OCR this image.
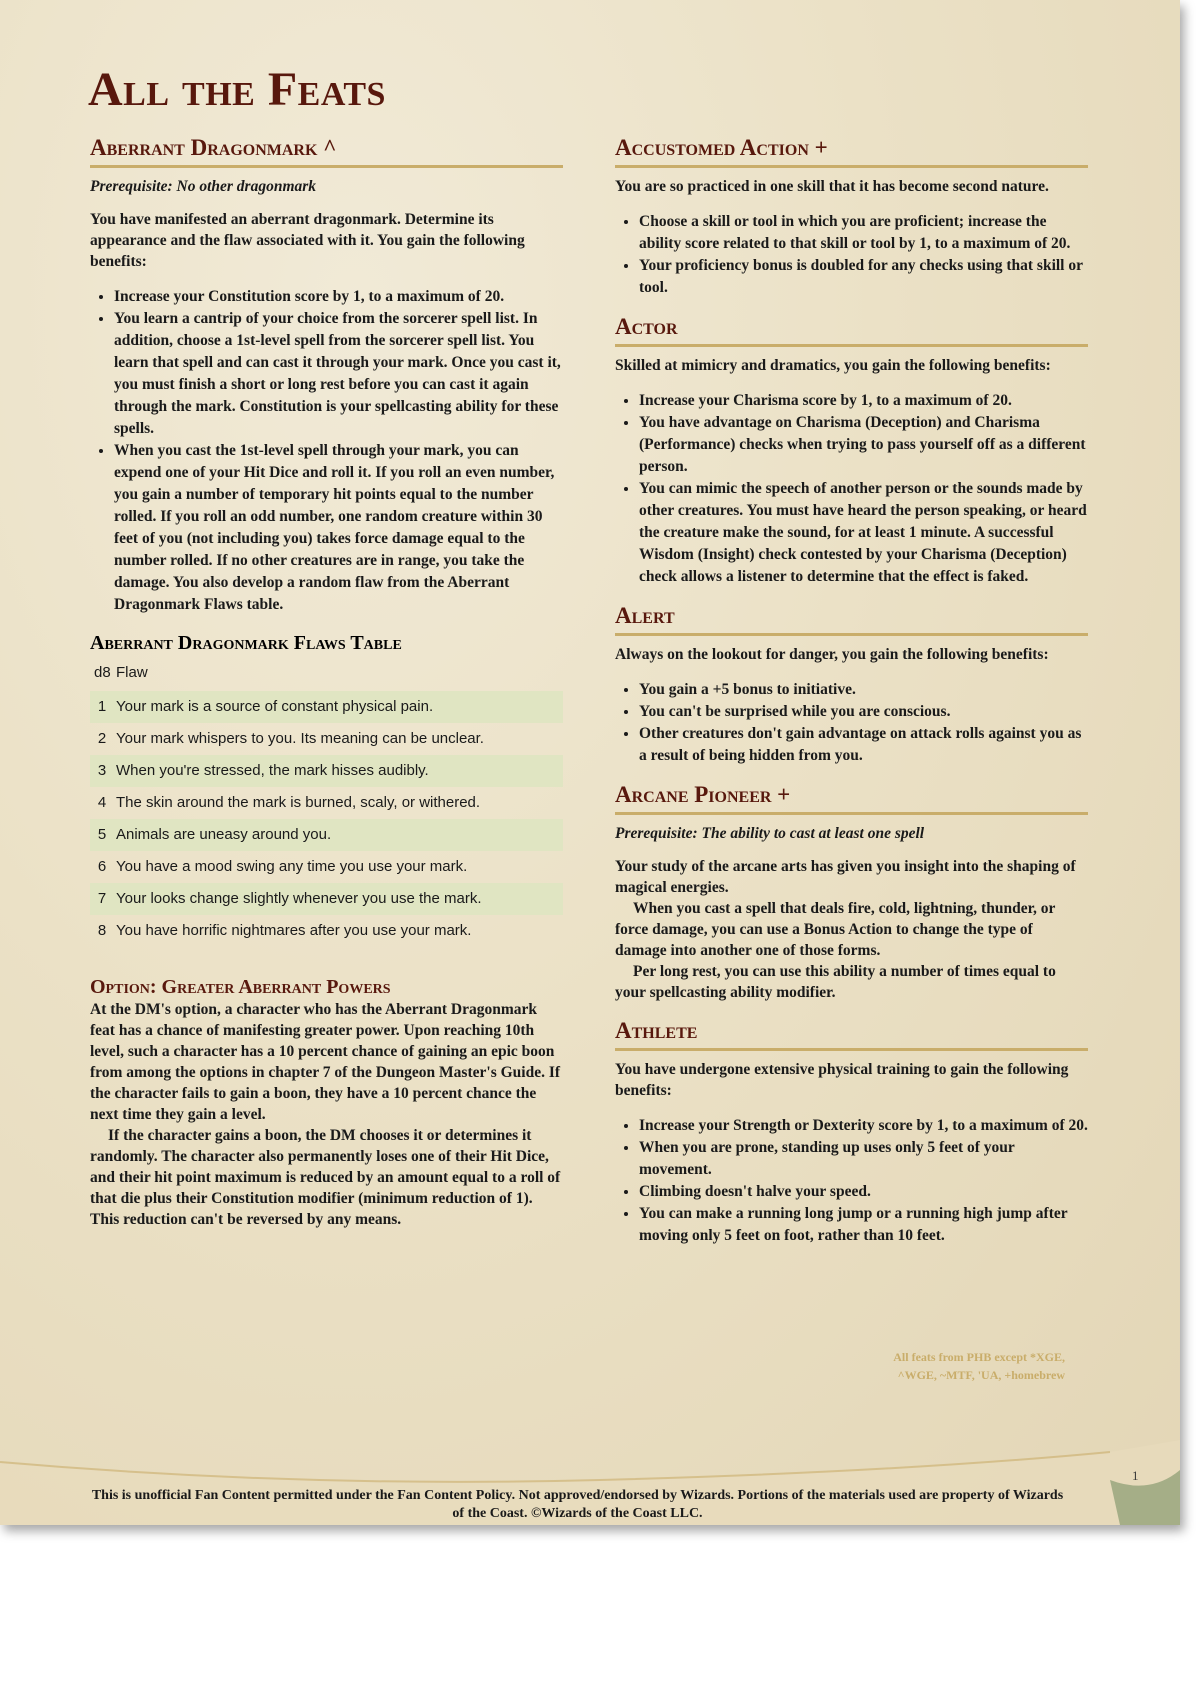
All the Feats
Aberrant Dragonmark ^

Prerequisite: No other dragonmark

You have manifested an aberrant dragonmark. Determine its appearance and the flaw associated with it. You gain the following benefits:

• Increase your Constitution score by 1, to a maximum of 20.
• You learn a cantrip of your choice from the sorcerer spell list. In addition, choose a 1st-level spell from the sorcerer spell list. You learn that spell and can cast it through your mark. Once you cast it, you must finish a short or long rest before you can cast it again through the mark. Constitution is your spellcasting ability for these spells.
• When you cast the 1st-level spell through your mark, you can expend one of your Hit Dice and roll it. If you roll an even number, you gain a number of temporary hit points equal to the number rolled. If you roll an odd number, one random creature within 30 feet of you (not including you) takes force damage equal to the number rolled. If no other creatures are in range, you take the damage. You also develop a random flaw from the Aberrant Dragonmark Flaws table.
Aberrant Dragonmark Flaws Table
d8	Flaw
1	Your mark is a source of constant physical pain.
2	Your mark whispers to you. Its meaning can be unclear.
3	When you're stressed, the mark hisses audibly.
4	The skin around the mark is burned, scaly, or withered.
5	Animals are uneasy around you.
6	You have a mood swing any time you use your mark.
7	Your looks change slightly whenever you use the mark.
8	You have horrific nightmares after you use your mark.
Option: Greater Aberrant Powers

At the DM's option, a character who has the Aberrant Dragonmark feat has a chance of manifesting greater power. Upon reaching 10th level, such a character has a 10 percent chance of gaining an epic boon from among the options in chapter 7 of the Dungeon Master's Guide. If the character fails to gain a boon, they have a 10 percent chance the next time they gain a level.

If the character gains a boon, the DM chooses it or determines it randomly. The character also permanently loses one of their Hit Dice, and their hit point maximum is reduced by an amount equal to a roll of that die plus their Constitution modifier (minimum reduction of 1). This reduction can't be reversed by any means.

Accustomed Action +

You are so practiced in one skill that it has become second nature.

• Choose a skill or tool in which you are proficient; increase the ability score related to that skill or tool by 1, to a maximum of 20.
• Your proficiency bonus is doubled for any checks using that skill or tool.
Actor

Skilled at mimicry and dramatics, you gain the following benefits:

• Increase your Charisma score by 1, to a maximum of 20.
• You have advantage on Charisma (Deception) and Charisma (Performance) checks when trying to pass yourself off as a different person.
• You can mimic the speech of another person or the sounds made by other creatures. You must have heard the person speaking, or heard the creature make the sound, for at least 1 minute. A successful Wisdom (Insight) check contested by your Charisma (Deception) check allows a listener to determine that the effect is faked.
Alert

Always on the lookout for danger, you gain the following benefits:

• You gain a +5 bonus to initiative.
• You can't be surprised while you are conscious.
• Other creatures don't gain advantage on attack rolls against you as a result of being hidden from you.
Arcane Pioneer +

Prerequisite: The ability to cast at least one spell

Your study of the arcane arts has given you insight into the shaping of magical energies.

When you cast a spell that deals fire, cold, lightning, thunder, or force damage, you can use a Bonus Action to change the type of damage into another one of those forms.

Per long rest, you can use this ability a number of times equal to your spellcasting ability modifier.

Athlete

You have undergone extensive physical training to gain the following benefits:

• Increase your Strength or Dexterity score by 1, to a maximum of 20.
• When you are prone, standing up uses only 5 feet of your movement.
• Climbing doesn't halve your speed.
• You can make a running long jump or a running high jump after moving only 5 feet on foot, rather than 10 feet.
All feats from PHB except *XGE,
^WGE, ~MTF, 'UA, +homebrew
1
This is unofficial Fan Content permitted under the Fan Content Policy. Not approved/endorsed by Wizards. Portions of the materials used are property of Wizards of the Coast. ©Wizards of the Coast LLC.
